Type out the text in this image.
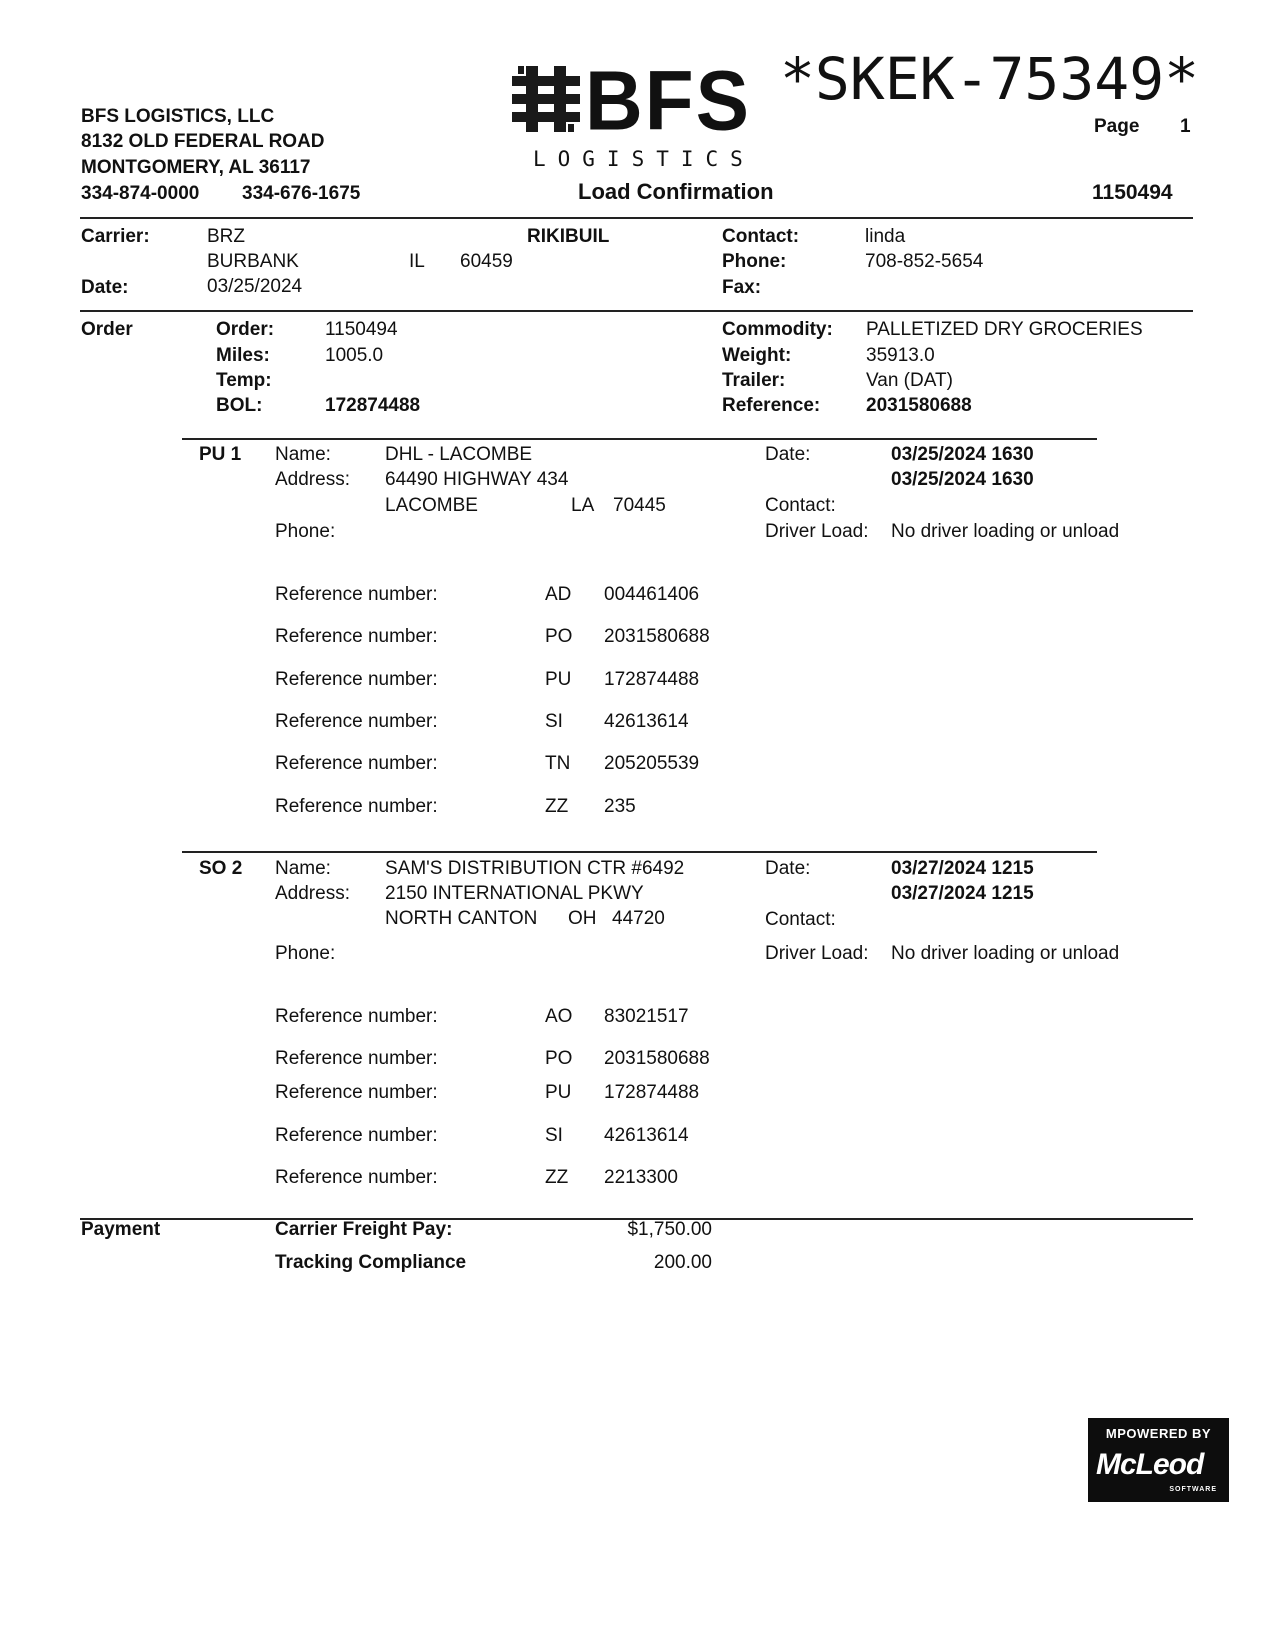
BFS LOGISTICS, LLC
8132 OLD FEDERAL ROAD
MONTGOMERY, AL 36117
334-874-0000 334-676-1675
BFS
LOGISTICS
*SKEK-75349*
Page 1
Load Confirmation	1150494
Carrier:	BRZ	RIKIBUIL
BURBANK	IL 60459
Date:	03/25/2024
Contact:	linda
Phone:	708-852-5654
Fax:
Order	Order:	1150494
Miles:	1005.0
Temp:
BOL:	172874488
Commodity: PALLETIZED DRY GROCERIES
Weight:	35913.0
Trailer:	Van (DAT)
Reference: 2031580688
PU 1 Name:	DHL - LACOMBE
Address: 64490 HIGHWAY 434
LACOMBE	LA 70445
Phone:
Date:	03/25/2024 1630
03/25/2024 1630
Contact:
Driver Load: No driver loading or unload
Reference number:	AD 004461406
Reference number:	PO 2031580688
Reference number:	PU 172874488
Reference number:	SI 42613614
Reference number:	TN 205205539
Reference number:	ZZ 235
SO 2 Name:	SAM'S DISTRIBUTION CTR #6492
Address: 2150 INTERNATIONAL PKWY
NORTH CANTON OH 44720
Phone:
Date:	03/27/2024 1215
03/27/2024 1215
Contact:
Driver Load: No driver loading or unload
Reference number:	AO 83021517
Reference number:	PO 2031580688
Reference number:	PU 172874488
Reference number:	SI 42613614
Reference number:	ZZ 2213300
Payment	Carrier Freight Pay:	$1,750.00
Tracking Compliance	200.00
MPOWERED BY
McLeod
SOFTWARE
